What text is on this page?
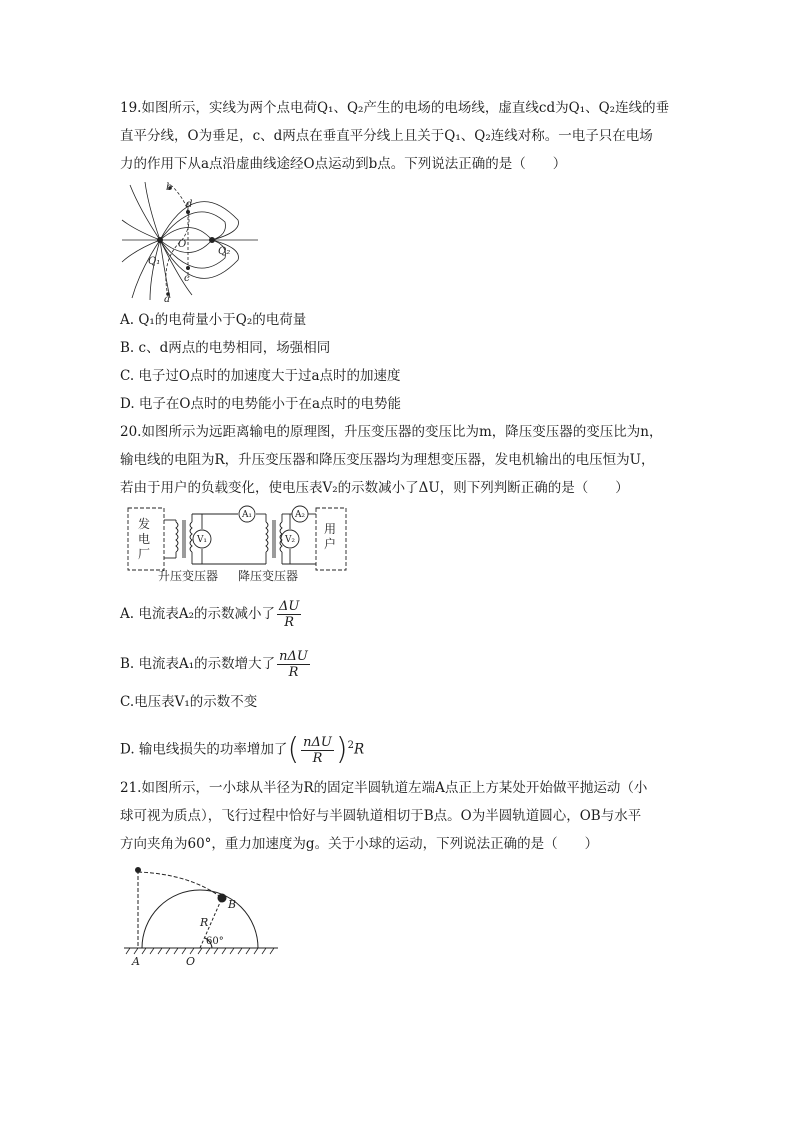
19.如图所示，实线为两个点电荷Q₁、Q₂产生的电场的电场线，虚直线cd为Q₁、Q₂连线的垂
直平分线，O为垂足，c、d两点在垂直平分线上且关于Q₁、Q₂连线对称。一电子只在电场
力的作用下从a点沿虚曲线途经O点运动到b点。下列说法正确的是（　　）
b
d
O
Q₁
Q₂
c
a
A. Q₁的电荷量小于Q₂的电荷量
B. c、d两点的电势相同，场强相同
C. 电子过O点时的加速度大于过a点时的加速度
D. 电子在O点时的电势能小于在a点时的电势能
20.如图所示为远距离输电的原理图，升压变压器的变压比为m，降压变压器的变压比为n，
输电线的电阻为R，升压变压器和降压变压器均为理想变压器，发电机输出的电压恒为U，
若由于用户的负载变化，使电压表V₂的示数减小了ΔU，则下列判断正确的是（　　）
V₁
A₁
V₂
A₂
发电厂
用户
升压变压器 降压变压器
A. 电流表A₂的示数减小了 $\frac{\Delta U}{R}$
B. 电流表A₁的示数增大了 $\frac{\text{nΔU}}{R}$
C.电压表V₁的示数不变
D. 输电线损失的功率增加了( $\frac{\text{nΔU}}{R} )^2R$
21.如图所示，一小球从半径为R的固定半圆轨道左端A点正上方某处开始做平抛运动（小
球可视为质点），飞行过程中恰好与半圆轨道相切于B点。O为半圆轨道圆心，OB与水平
方向夹角为60°，重力加速度为g。关于小球的运动，下列说法正确的是（　　）
B
R
60°
A	O
